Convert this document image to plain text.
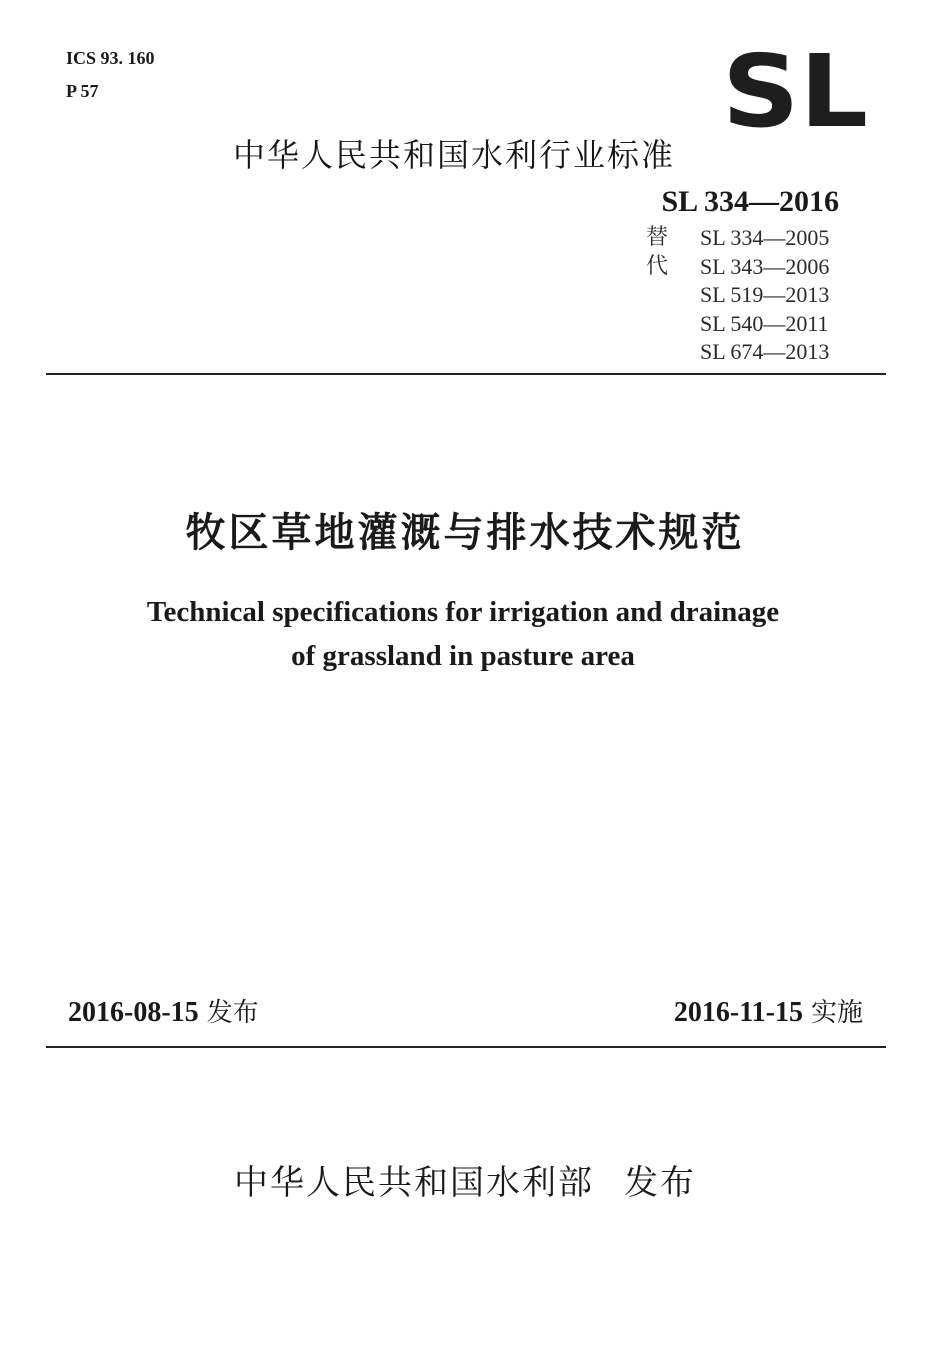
ICS 93. 160
P 57	SL
中华人民共和国水利行业标准
SL 334—2016
替代
SL 334—2005
SL 343—2006
SL 519—2013
SL 540—2011
SL 674—2013
牧区草地灌溉与排水技术规范
Technical specifications for irrigation and drainage
of grassland in pasture area
2016-08-15 发布	2016-11-15 实施
中华人民共和国水利部 发布
